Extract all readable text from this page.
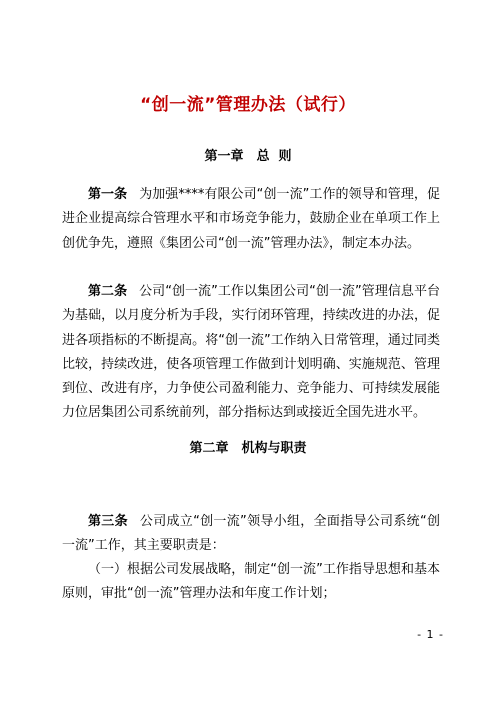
“创一流”管理办法（试行）
第一章 总  则

第一条 为加强****有限公司“创一流”工作的领导和管理，促进企业提高综合管理水平和市场竞争能力，鼓励企业在单项工作上创优争先，遵照《集团公司“创一流”管理办法》，制定本办法。

第二条 公司“创一流”工作以集团公司“创一流”管理信息平台为基础，以月度分析为手段，实行闭环管理，持续改进的办法，促进各项指标的不断提高。将“创一流”工作纳入日常管理，通过同类比较，持续改进，使各项管理工作做到计划明确、实施规范、管理到位、改进有序，力争使公司盈利能力、竞争能力、可持续发展能力位居集团公司系统前列，部分指标达到或接近全国先进水平。

第二章 机构与职责

第三条 公司成立“创一流”领导小组，全面指导公司系统“创一流”工作，其主要职责是：

（一）根据公司发展战略，制定“创一流”工作指导思想和基本原则，审批“创一流”管理办法和年度工作计划；

- 1 -
